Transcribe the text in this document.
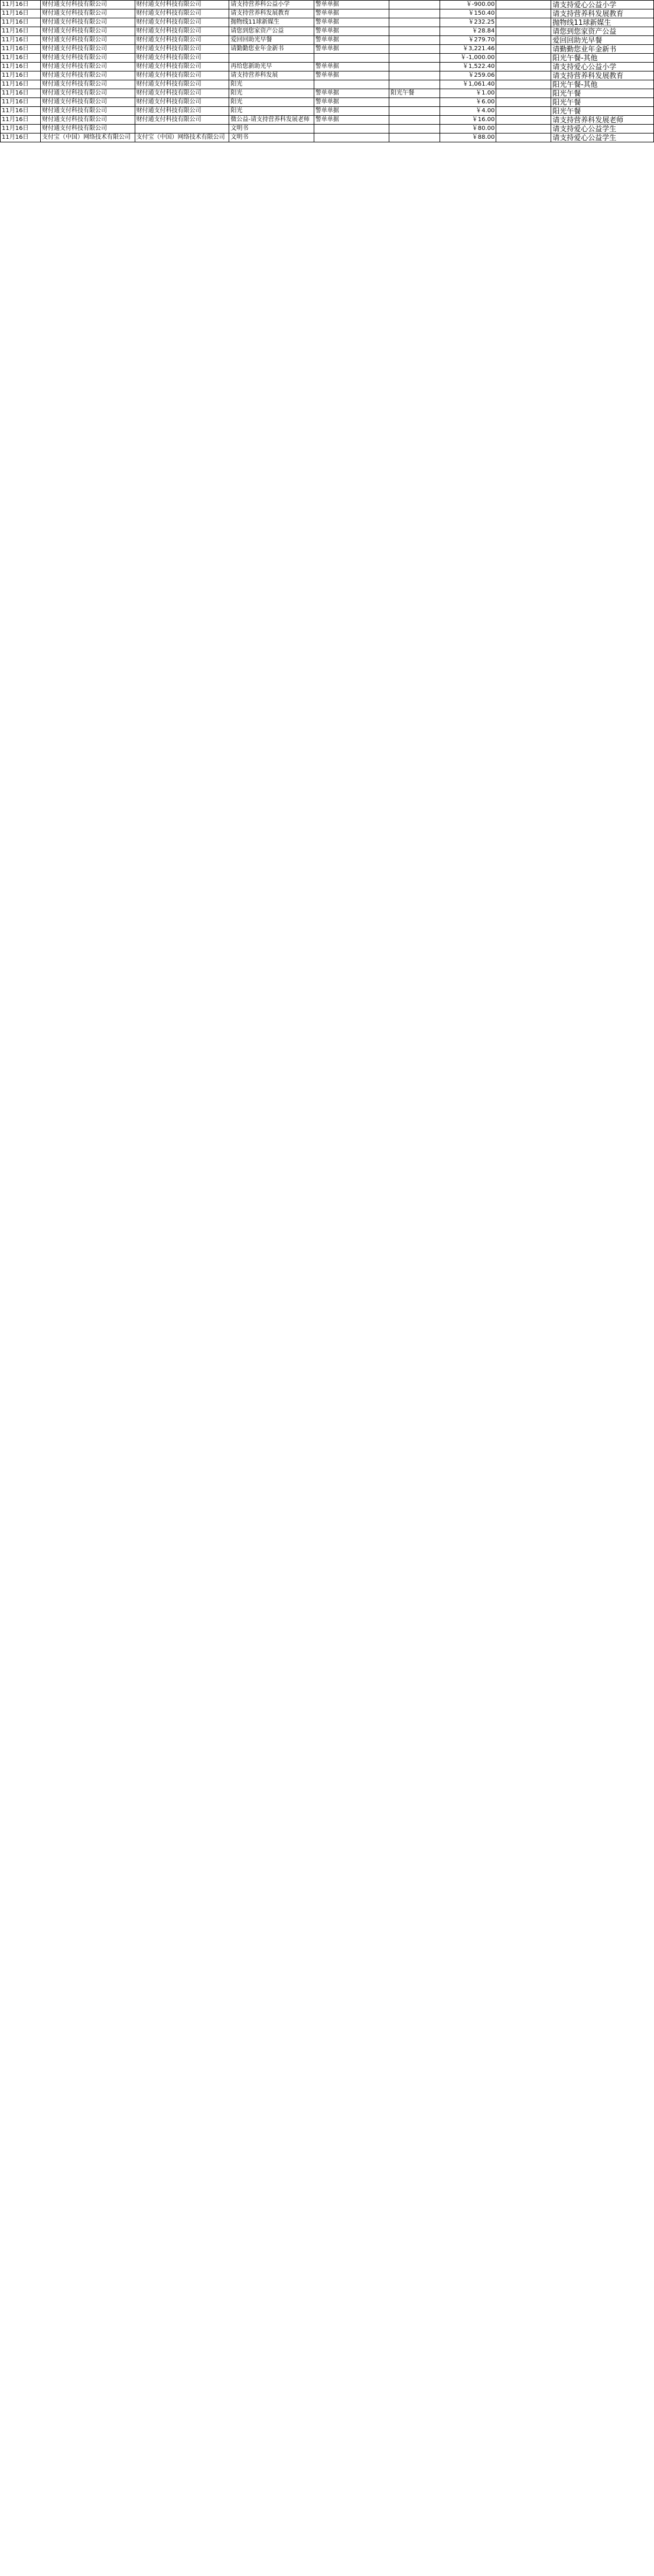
11月16日	财付通支付科技有限公司	财付通支付科技有限公司	请支持营养科公益小学	警单单据		￥-900.00		请支持爱心公益小学
11月16日	财付通支付科技有限公司	财付通支付科技有限公司	请支持营养科发展教育	警单单据		￥150.40		请支持营养科发展教育
11月16日	财付通支付科技有限公司	财付通支付科技有限公司	抛物线11球新媒生	警单单据		￥232.25		抛物线11球新媒生
11月16日	财付通支付科技有限公司	财付通支付科技有限公司	请您到您家资产公益	警单单据		￥28.84		请您到您家资产公益
11月16日	财付通支付科技有限公司	财付通支付科技有限公司	爱回回助光早餐	警单单据		￥279.70		爱回回助光早餐
11月16日	财付通支付科技有限公司	财付通支付科技有限公司	请勤勤您业年金新书	警单单据		￥3,221.46		请勤勤您业年金新书
11月16日	财付通支付科技有限公司	财付通支付科技有限公司				￥-1,000.00		阳光午餐-其他
11月16日	财付通支付科技有限公司	财付通支付科技有限公司	再给您新助光早	警单单据		￥1,522.40		请支持爱心公益小学
11月16日	财付通支付科技有限公司	财付通支付科技有限公司	请支持营养科发展	警单单据		￥259.06		请支持营养科发展教育
11月16日	财付通支付科技有限公司	财付通支付科技有限公司	阳光			￥1,061.40		阳光午餐-其他
11月16日	财付通支付科技有限公司	财付通支付科技有限公司	阳光	警单单据	阳光午餐	￥1.00		阳光午餐
11月16日	财付通支付科技有限公司	财付通支付科技有限公司	阳光	警单单据		￥6.00		阳光午餐
11月16日	财付通支付科技有限公司	财付通支付科技有限公司	阳光	警单单据		￥4.00		阳光午餐
11月16日	财付通支付科技有限公司	财付通支付科技有限公司	微公益-请支持营养科发展老师	警单单据		￥16.00		请支持营养科发展老师
11月16日	财付通支付科技有限公司		文明书			￥80.00		请支持爱心公益学生
11月16日	支付宝（中国）网络技术有限公司	支付宝（中国）网络技术有限公司	文明书			￥88.00		请支持爱心公益学生
